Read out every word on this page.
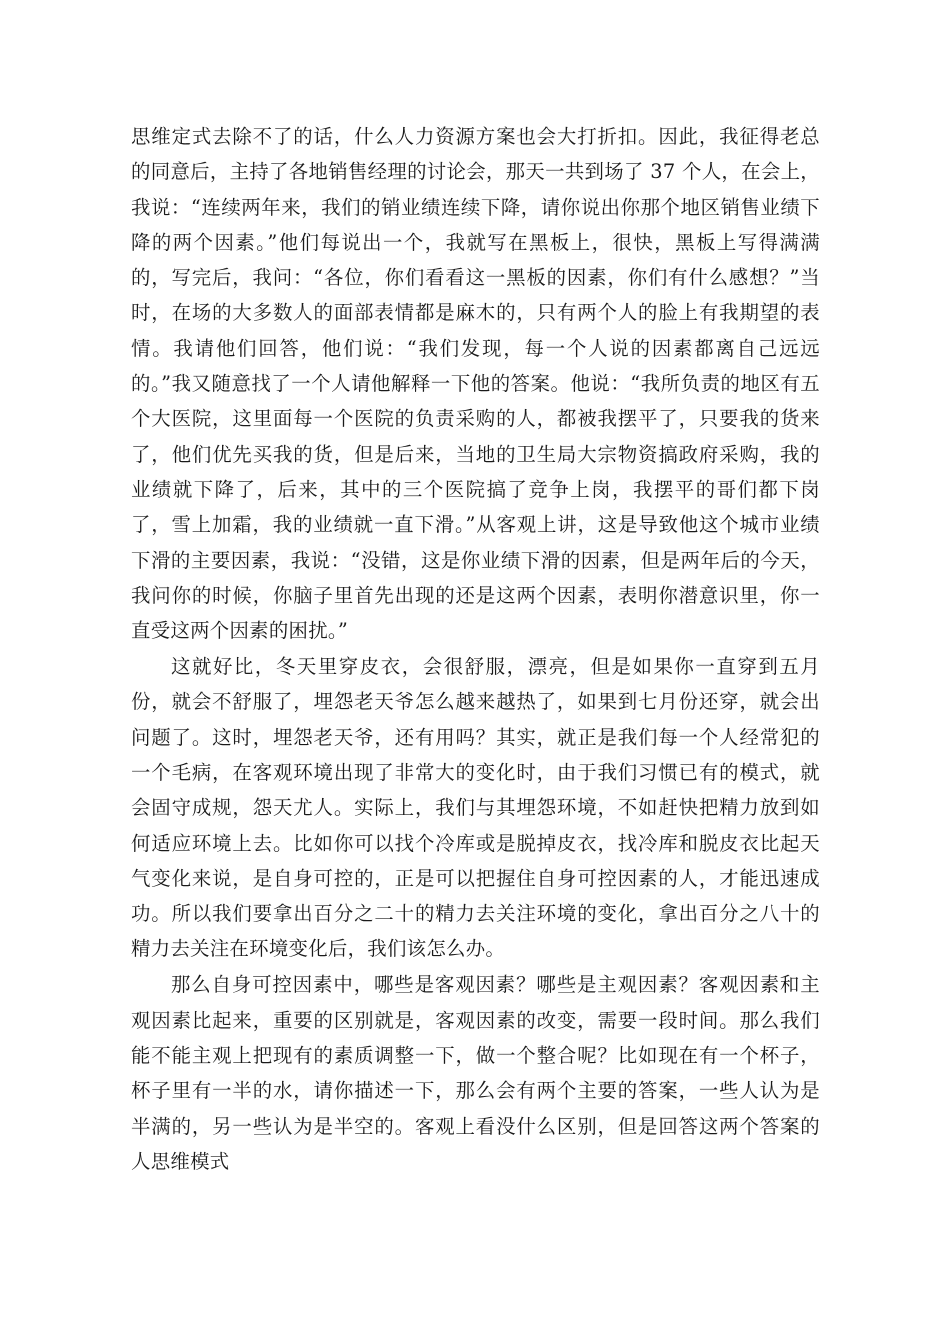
思维定式去除不了的话，什么人力资源方案也会大打折扣。因此，我征得老总的同意后，主持了各地销售经理的讨论会，那天一共到场了 37 个人，在会上，我说：“连续两年来，我们的销业绩连续下降，请你说出你那个地区销售业绩下降的两个因素。”他们每说出一个，我就写在黑板上，很快，黑板上写得满满的，写完后，我问：“各位，你们看看这一黑板的因素，你们有什么感想？”当时，在场的大多数人的面部表情都是麻木的，只有两个人的脸上有我期望的表情。我请他们回答，他们说：“我们发现，每一个人说的因素都离自己远远的。”我又随意找了一个人请他解释一下他的答案。他说：“我所负责的地区有五个大医院，这里面每一个医院的负责采购的人，都被我摆平了，只要我的货来了，他们优先买我的货，但是后来，当地的卫生局大宗物资搞政府采购，我的业绩就下降了，后来，其中的三个医院搞了竞争上岗，我摆平的哥们都下岗了，雪上加霜，我的业绩就一直下滑。”从客观上讲，这是导致他这个城市业绩下滑的主要因素，我说：“没错，这是你业绩下滑的因素，但是两年后的今天，我问你的时候，你脑子里首先出现的还是这两个因素，表明你潜意识里，你一直受这两个因素的困扰。”

这就好比，冬天里穿皮衣，会很舒服，漂亮，但是如果你一直穿到五月份，就会不舒服了，埋怨老天爷怎么越来越热了，如果到七月份还穿，就会出问题了。这时，埋怨老天爷，还有用吗？其实，就正是我们每一个人经常犯的一个毛病，在客观环境出现了非常大的变化时，由于我们习惯已有的模式，就会固守成规，怨天尤人。实际上，我们与其埋怨环境，不如赶快把精力放到如何适应环境上去。比如你可以找个冷库或是脱掉皮衣，找冷库和脱皮衣比起天气变化来说，是自身可控的，正是可以把握住自身可控因素的人，才能迅速成功。所以我们要拿出百分之二十的精力去关注环境的变化，拿出百分之八十的精力去关注在环境变化后，我们该怎么办。

那么自身可控因素中，哪些是客观因素？哪些是主观因素？客观因素和主观因素比起来，重要的区别就是，客观因素的改变，需要一段时间。那么我们能不能主观上把现有的素质调整一下，做一个整合呢？比如现在有一个杯子，杯子里有一半的水，请你描述一下，那么会有两个主要的答案，一些人认为是半满的，另一些认为是半空的。客观上看没什么区别，但是回答这两个答案的人思维模式
